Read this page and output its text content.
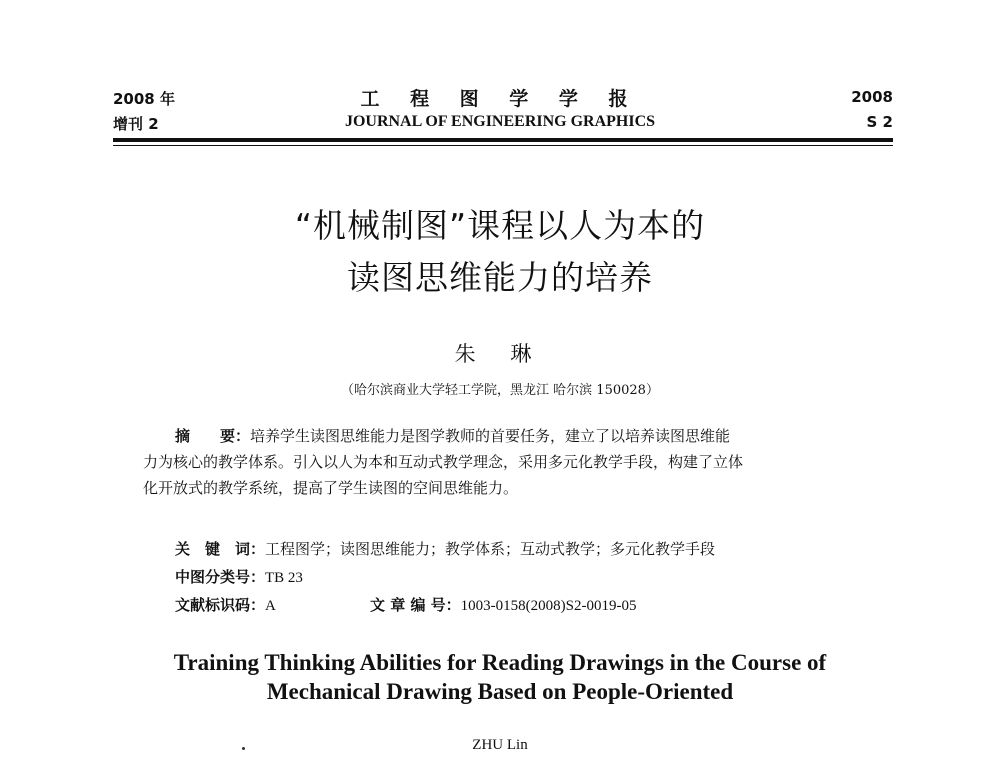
2008 年
增刊 2
工 程 图 学 学 报
JOURNAL OF ENGINEERING GRAPHICS
2008
S 2
“机械制图”课程以人为本的
读图思维能力的培养
朱 琳
（哈尔滨商业大学轻工学院，黑龙江 哈尔滨 150028）
摘　　要：培养学生读图思维能力是图学教师的首要任务，建立了以培养读图思维能
力为核心的教学体系。引入以人为本和互动式教学理念，采用多元化教学手段，构建了立体
化开放式的教学系统，提高了学生读图的空间思维能力。
关　键　词：工程图学；读图思维能力；教学体系；互动式教学；多元化教学手段
中图分类号：TB 23
文献标识码：A	文 章 编 号：1003-0158(2008)S2-0019-05
Training Thinking Abilities for Reading Drawings in the Course of
Mechanical Drawing Based on People-Oriented
ZHU Lin
